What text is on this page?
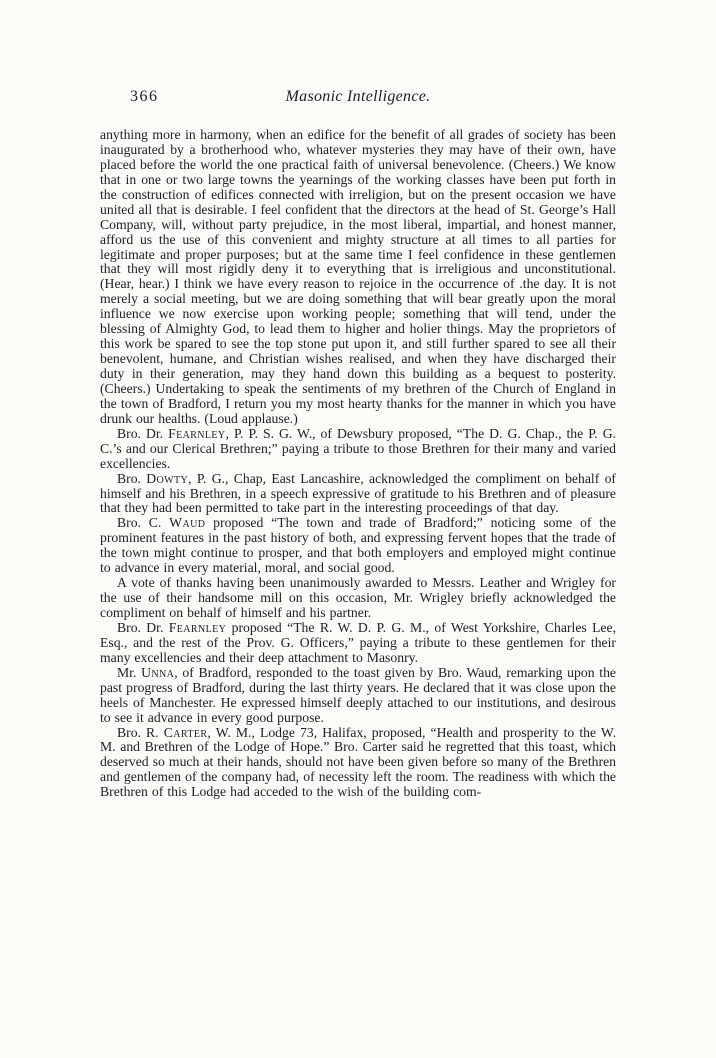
366	Masonic Intelligence.

anything more in harmony, when an edifice for the benefit of all grades of society has been inaugurated by a brotherhood who, whatever mysteries they may have of their own, have placed before the world the one practical faith of universal benevolence. (Cheers.) We know that in one or two large towns the yearnings of the working classes have been put forth in the construction of edifices connected with irreligion, but on the present occasion we have united all that is desirable. I feel confident that the directors at the head of St. George’s Hall Company, will, without party prejudice, in the most liberal, impartial, and honest manner, afford us the use of this convenient and mighty structure at all times to all parties for legitimate and proper purposes; but at the same time I feel confidence in these gentlemen that they will most rigidly deny it to everything that is irreligious and unconstitutional. (Hear, hear.) I think we have every reason to rejoice in the occurrence of .the day. It is not merely a social meeting, but we are doing something that will bear greatly upon the moral influence we now exercise upon working people; something that will tend, under the blessing of Almighty God, to lead them to higher and holier things. May the proprietors of this work be spared to see the top stone put upon it, and still further spared to see all their benevolent, humane, and Christian wishes realised, and when they have discharged their duty in their generation, may they hand down this building as a bequest to posterity. (Cheers.) Undertaking to speak the sentiments of my brethren of the Church of England in the town of Bradford, I return you my most hearty thanks for the manner in which you have drunk our healths. (Loud applause.)

Bro. Dr. Fearnley, P. P. S. G. W., of Dewsbury proposed, “The D. G. Chap., the P. G. C.’s and our Clerical Brethren;” paying a tribute to those Brethren for their many and varied excellencies.

Bro. Dowty, P. G., Chap, East Lancashire, acknowledged the compliment on behalf of himself and his Brethren, in a speech expressive of gratitude to his Brethren and of pleasure that they had been permitted to take part in the interesting proceedings of that day.

Bro. C. Waud proposed “The town and trade of Bradford;” noticing some of the prominent features in the past history of both, and expressing fervent hopes that the trade of the town might continue to prosper, and that both employers and employed might continue to advance in every material, moral, and social good.

A vote of thanks having been unanimously awarded to Messrs. Leather and Wrigley for the use of their handsome mill on this occasion, Mr. Wrigley briefly acknowledged the compliment on behalf of himself and his partner.

Bro. Dr. Fearnley proposed “The R. W. D. P. G. M., of West Yorkshire, Charles Lee, Esq., and the rest of the Prov. G. Officers,” paying a tribute to these gentlemen for their many excellencies and their deep attachment to Masonry.

Mr. Unna, of Bradford, responded to the toast given by Bro. Waud, remarking upon the past progress of Bradford, during the last thirty years. He declared that it was close upon the heels of Manchester. He expressed himself deeply attached to our institutions, and desirous to see it advance in every good purpose.

Bro. R. Carter, W. M., Lodge 73, Halifax, proposed, “Health and prosperity to the W. M. and Brethren of the Lodge of Hope.” Bro. Carter said he regretted that this toast, which deserved so much at their hands, should not have been given before so many of the Brethren and gentlemen of the company had, of necessity left the room. The readiness with which the Brethren of this Lodge had acceded to the wish of the building com-
